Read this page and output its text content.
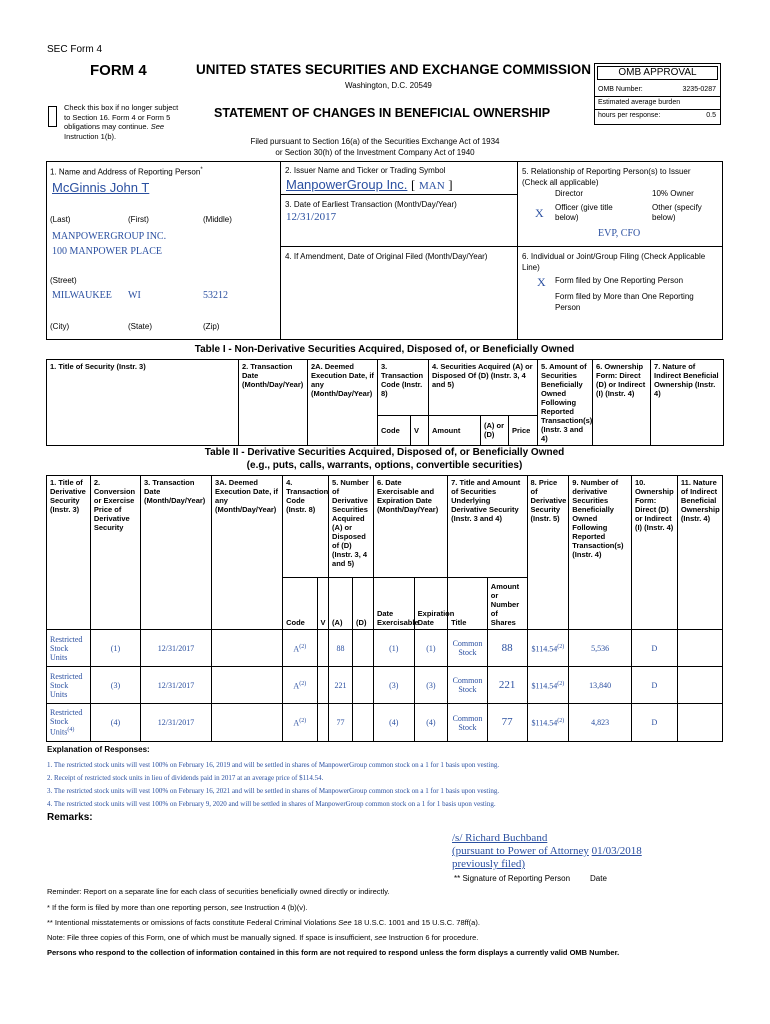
SEC Form 4
FORM 4	UNITED STATES SECURITIES AND EXCHANGE COMMISSION
Washington, D.C. 20549
Check this box if no longer subject
to Section 16. Form 4 or Form 5
obligations may continue. See
Instruction 1(b).
STATEMENT OF CHANGES IN BENEFICIAL OWNERSHIP
Filed pursuant to Section 16(a) of the Securities Exchange Act of 1934
or Section 30(h) of the Investment Company Act of 1940
OMB APPROVAL
OMB Number:	3235-0287
Estimated average burden
hours per response:	0.5
1. Name and Address of Reporting Person*
McGinnis John T
(Last)	(First)	(Middle)
MANPOWERGROUP INC.
100 MANPOWER PLACE
(Street)
MILWAUKEE WI	53212
(City)	(State)	(Zip)
2. Issuer Name and Ticker or Trading Symbol
ManpowerGroup Inc. [ MAN ]
3. Date of Earliest Transaction (Month/Day/Year)
12/31/2017
4. If Amendment, Date of Original Filed (Month/Day/Year)
5. Relationship of Reporting Person(s) to Issuer
(Check all applicable)
Director	10% Owner
X Officer (give title
below)
Other (specify
below)
EVP, CFO
6. Individual or Joint/Group Filing (Check Applicable
Line)
X Form filed by One Reporting Person
Form filed by More than One Reporting
Person
Table I - Non-Derivative Securities Acquired, Disposed of, or Beneficially Owned
1. Title of Security (Instr. 3)	2. Transaction Date (Month/Day/Year)	2A. Deemed Execution Date, if any (Month/Day/Year)	3. Transaction Code (Instr. 8)		4. Securities Acquired (A) or Disposed Of (D) (Instr. 3, 4 and 5)			5. Amount of Securities Beneficially Owned Following Reported Transaction(s) (Instr. 3 and 4)	6. Ownership Form: Direct (D) or Indirect (I) (Instr. 4)	7. Nature of Indirect Beneficial Ownership (Instr. 4)
			Code	V	Amount	(A) or (D)	Price			
Table II - Derivative Securities Acquired, Disposed of, or Beneficially Owned
(e.g., puts, calls, warrants, options, convertible securities)
1. Title of Derivative Security (Instr. 3)	2. Conversion or Exercise Price of Derivative Security	3. Transaction Date (Month/Day/Year)	3A. Deemed Execution Date, if any (Month/Day/Year)	4. Transaction Code (Instr. 8)		5. Number of Derivative Securities Acquired (A) or Disposed of (D) (Instr. 3, 4 and 5)		6. Date Exercisable and Expiration Date (Month/Day/Year)		7. Title and Amount of Securities Underlying Derivative Security (Instr. 3 and 4)		8. Price of Derivative Security (Instr. 5)	9. Number of derivative Securities Beneficially Owned Following Reported Transaction(s) (Instr. 4)	10. Ownership Form: Direct (D) or Indirect (I) (Instr. 4)	11. Nature of Indirect Beneficial Ownership (Instr. 4)
				Code	V	(A)	(D)	Date Exercisable	Expiration Date	Title	Amount or Number of Shares				
Restricted Stock Units	(1)	12/31/2017		$A^{(2)}$		88		(1)	(1)	Common Stock	88	$114.54$^{(2)}$	5,536	D	
Restricted Stock Units	(3)	12/31/2017		$A^{(2)}$		221		(3)	(3)	Common Stock	221	$114.54$^{(2)}$	13,840	D	
Restricted Stock Units$^{(4)}$	(4)	12/31/2017		$A^{(2)}$		77		(4)	(4)	Common Stock	77	$114.54$^{(2)}$	4,823	D	
Explanation of Responses:
1. The restricted stock units will vest 100% on February 16, 2019 and will be settled in shares of ManpowerGroup common stock on a 1 for 1 basis upon vesting.
2. Receipt of restricted stock units in lieu of dividends paid in 2017 at an average price of $114.54.
3. The restricted stock units will vest 100% on February 16, 2021 and will be settled in shares of ManpowerGroup common stock on a 1 for 1 basis upon vesting.
4. The restricted stock units will vest 100% on February 9, 2020 and will be settled in shares of ManpowerGroup common stock on a 1 for 1 basis upon vesting.
Remarks:
/s/ Richard Buchband
(pursuant to Power of Attorney 01/03/2018
previously filed)
** Signature of Reporting Person Date
Reminder: Report on a separate line for each class of securities beneficially owned directly or indirectly.
* If the form is filed by more than one reporting person, see Instruction 4 (b)(v).
** Intentional misstatements or omissions of facts constitute Federal Criminal Violations See 18 U.S.C. 1001 and 15 U.S.C. 78ff(a).
Note: File three copies of this Form, one of which must be manually signed. If space is insufficient, see Instruction 6 for procedure.
Persons who respond to the collection of information contained in this form are not required to respond unless the form displays a currently valid OMB Number.
